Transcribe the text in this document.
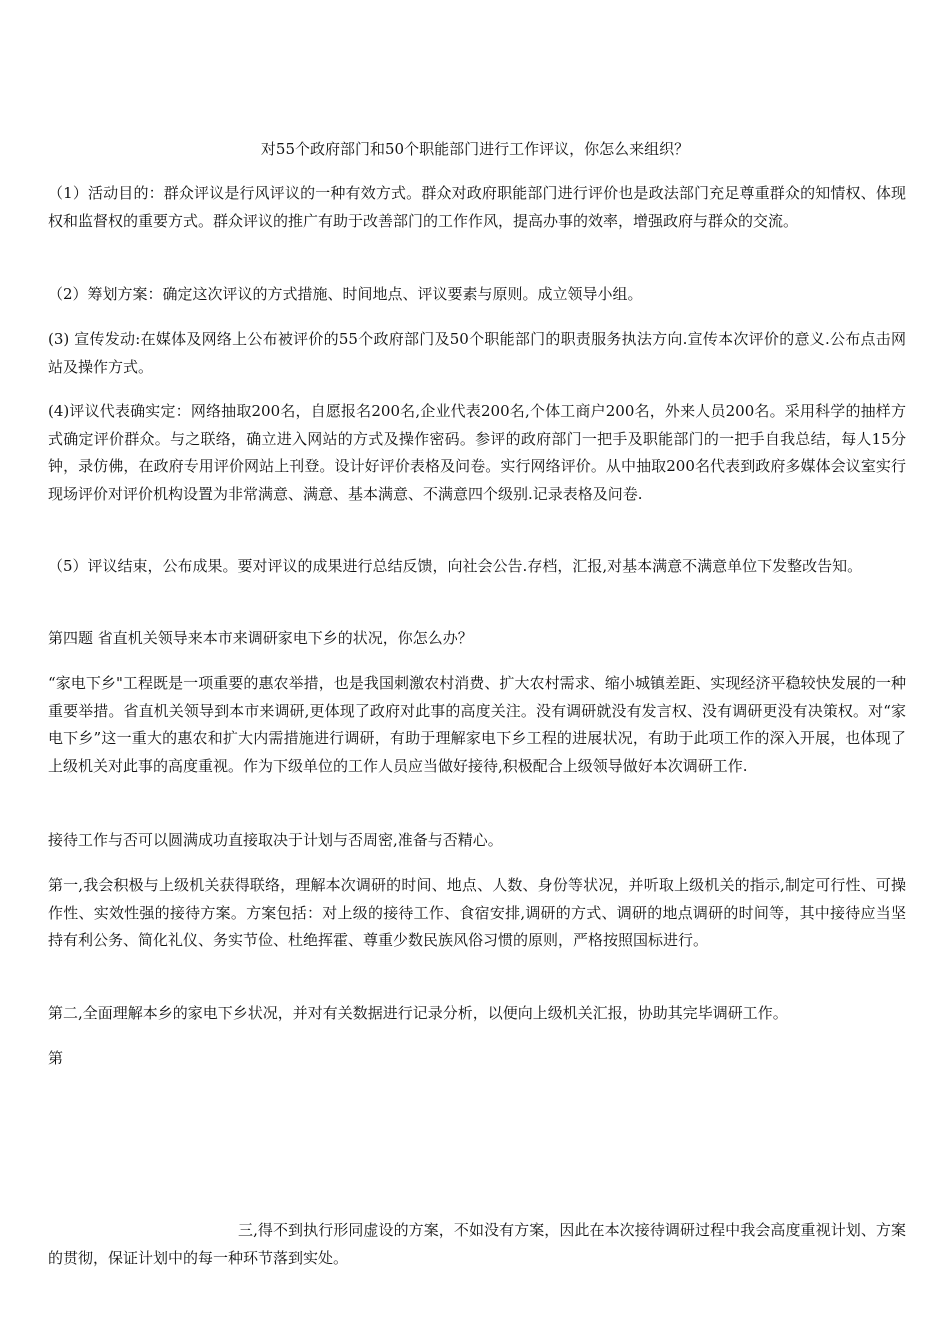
对55个政府部门和50个职能部门进行工作评议，你怎么来组织？
（1）活动目的：群众评议是行风评议的一种有效方式。群众对政府职能部门进行评价也是政法部门充足尊重群众的知情权、体现权和监督权的重要方式。群众评议的推广有助于改善部门的工作作风，提高办事的效率，增强政府与群众的交流。
（2）筹划方案：确定这次评议的方式措施、时间地点、评议要素与原则。成立领导小组。
(3) 宣传发动:在媒体及网络上公布被评价的55个政府部门及50个职能部门的职责服务执法方向.宣传本次评价的意义.公布点击网站及操作方式。
(4)评议代表确实定：网络抽取200名，自愿报名200名,企业代表200名,个体工商户200名，外来人员200名。采用科学的抽样方式确定评价群众。与之联络，确立进入网站的方式及操作密码。参评的政府部门一把手及职能部门的一把手自我总结，每人15分钟，录仿佛，在政府专用评价网站上刊登。设计好评价表格及问卷。实行网络评价。从中抽取200名代表到政府多媒体会议室实行现场评价对评价机构设置为非常满意、满意、基本满意、不满意四个级别.记录表格及问卷.
（5）评议结束，公布成果。要对评议的成果进行总结反馈，向社会公告.存档，汇报,对基本满意不满意单位下发整改告知。
第四题 省直机关领导来本市来调研家电下乡的状况，你怎么办？
“家电下乡"工程既是一项重要的惠农举措，也是我国刺激农村消费、扩大农村需求、缩小城镇差距、实现经济平稳较快发展的一种重要举措。省直机关领导到本市来调研,更体现了政府对此事的高度关注。没有调研就没有发言权、没有调研更没有决策权。对“家电下乡”这一重大的惠农和扩大内需措施进行调研，有助于理解家电下乡工程的进展状况，有助于此项工作的深入开展，也体现了上级机关对此事的高度重视。作为下级单位的工作人员应当做好接待,积极配合上级领导做好本次调研工作.
接待工作与否可以圆满成功直接取决于计划与否周密,准备与否精心。
第一,我会积极与上级机关获得联络，理解本次调研的时间、地点、人数、身份等状况，并听取上级机关的指示,制定可行性、可操作性、实效性强的接待方案。方案包括：对上级的接待工作、食宿安排,调研的方式、调研的地点调研的时间等，其中接待应当坚持有利公务、简化礼仪、务实节俭、杜绝挥霍、尊重少数民族风俗习惯的原则，严格按照国标进行。
第二,全面理解本乡的家电下乡状况，并对有关数据进行记录分析，以便向上级机关汇报，协助其完毕调研工作。
第
三,得不到执行形同虚设的方案，不如没有方案，因此在本次接待调研过程中我会高度重视计划、方案的贯彻，保证计划中的每一种环节落到实处。
